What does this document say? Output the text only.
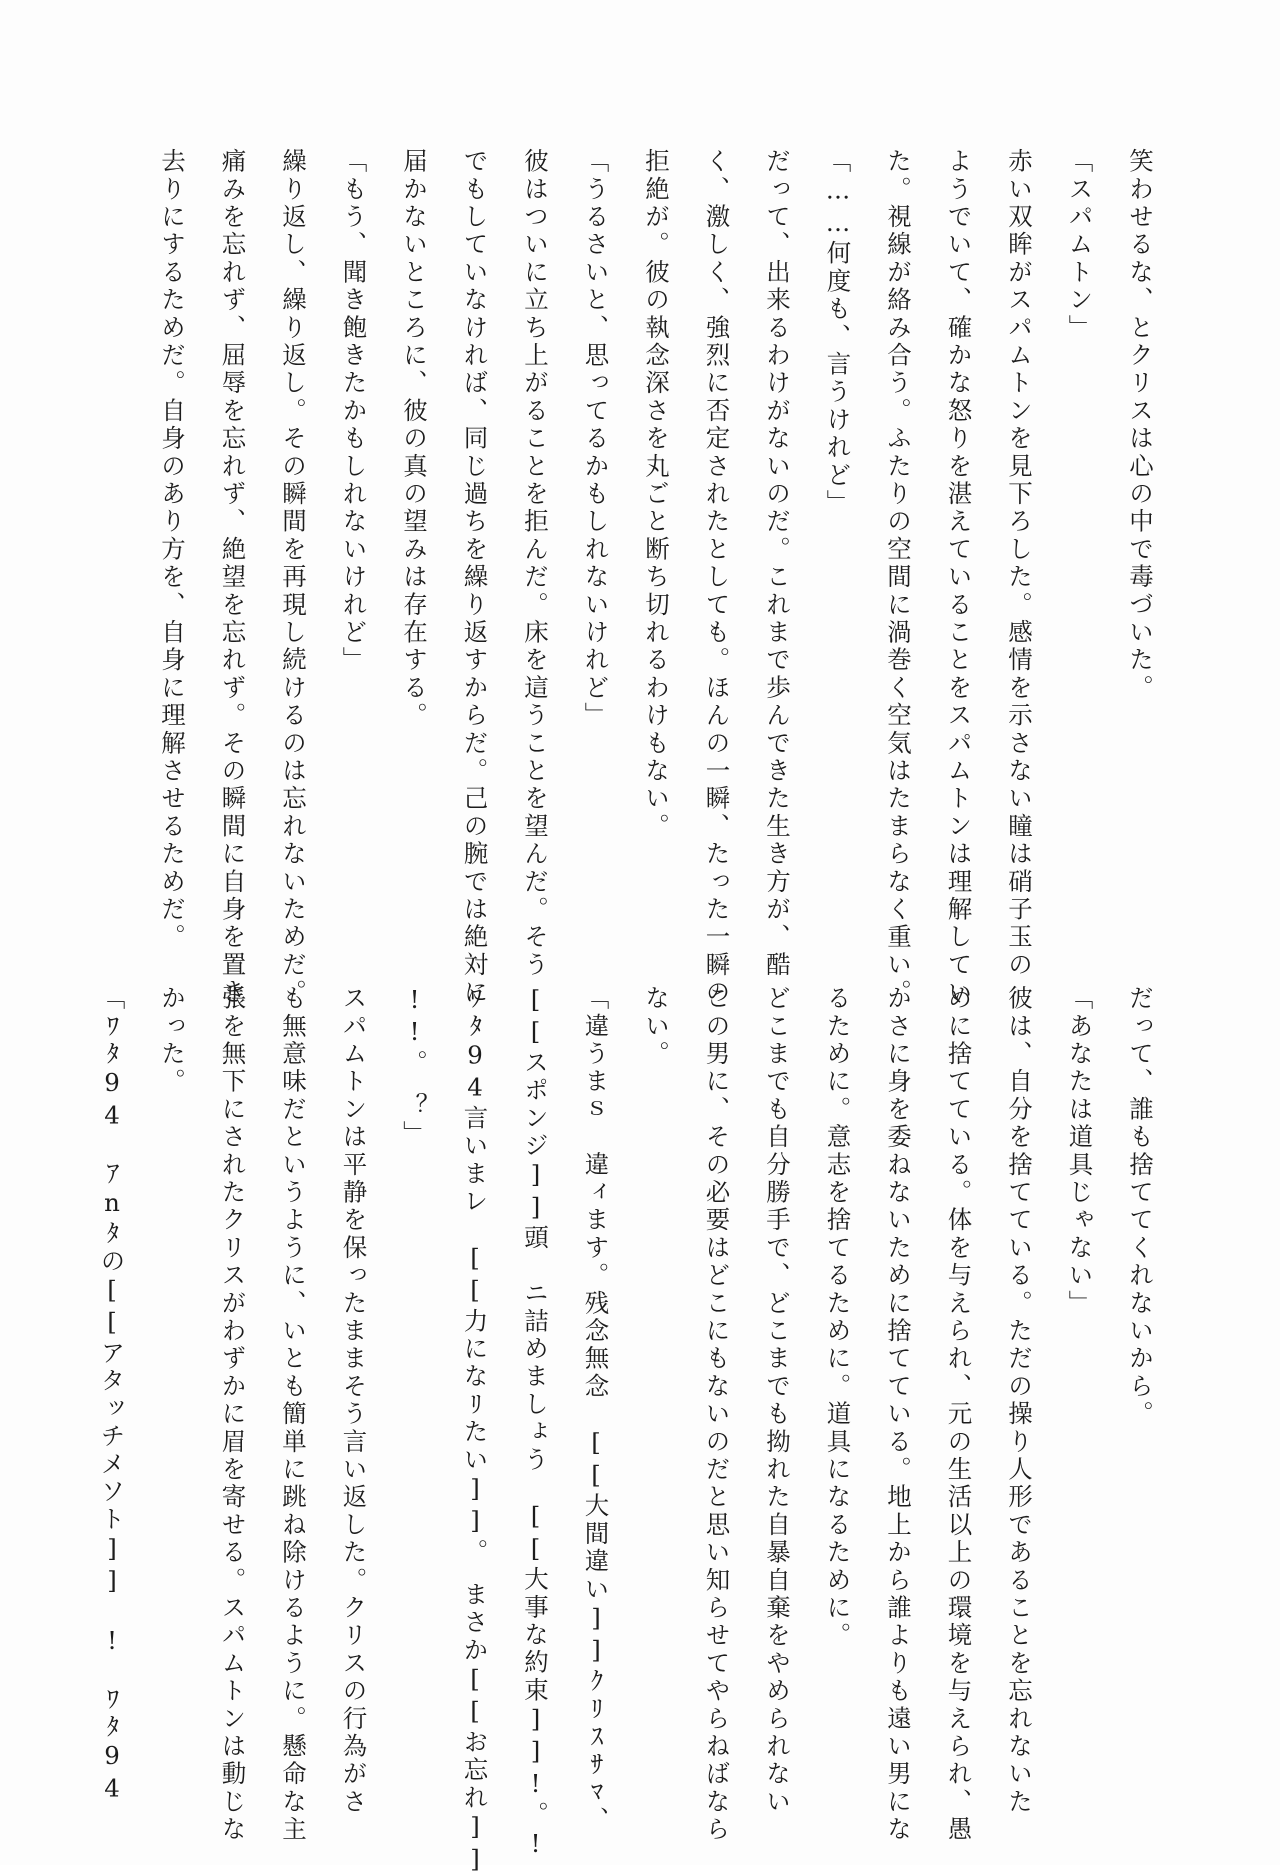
笑わせるな、とクリスは心の中で毒づいた。
「スパムトン」
赤い双眸がスパムトンを見下ろした。感情を示さない瞳は硝子玉の
ようでいて、確かな怒りを湛えていることをスパムトンは理解してい
た。視線が絡み合う。ふたりの空間に渦巻く空気はたまらなく重い。
「……何度も、言うけれど」
だって、出来るわけがないのだ。これまで歩んできた生き方が、酷
く、激しく、強烈に否定されたとしても。ほんの一瞬、たった一瞬の
拒絶が。彼の執念深さを丸ごと断ち切れるわけもない。
「うるさいと、思ってるかもしれないけれど」
彼はついに立ち上がることを拒んだ。床を這うことを望んだ。そう
でもしていなければ、同じ過ちを繰り返すからだ。己の腕では絶対に
届かないところに、彼の真の望みは存在する。
「もう、聞き飽きたかもしれないけれど」
繰り返し、繰り返し。その瞬間を再現し続けるのは忘れないためだ。
痛みを忘れず、屈辱を忘れず、絶望を忘れず。その瞬間に自身を置き
去りにするためだ。自身のあり方を、自身に理解させるためだ。
だって、誰も捨ててくれないから。
「あなたは道具じゃない」
彼は、自分を捨てている。ただの操り人形であることを忘れないた
めに捨てている。体を与えられ、元の生活以上の環境を与えられ、愚
かさに身を委ねないために捨てている。地上から誰よりも遠い男にな
るために。意志を捨てるために。道具になるために。
どこまでも自分勝手で、どこまでも拗れた自暴自棄をやめられない
この男に、その必要はどこにもないのだと思い知らせてやらねばなら
ない。
「違うまｓ　違ィます。残念無念　[[大間違い]]ｸﾘｽｻﾏ、
[[スポンジ]]頭　ニ詰めましょう　[[大事な約束]]!。!
ﾜﾀ94言いまレ　[[力になﾘたい]]。　まさか[[お忘れ]]
!!。　？」
スパムトンは平静を保ったままそう言い返した。クリスの行為がさ
も無意味だというように、いとも簡単に跳ね除けるように。懸命な主
張を無下にされたクリスがわずかに眉を寄せる。スパムトンは動じな
かった。
「ﾜﾀ94　ｱnﾀの[[アタッチメソト]]　!　ﾜﾀ94
